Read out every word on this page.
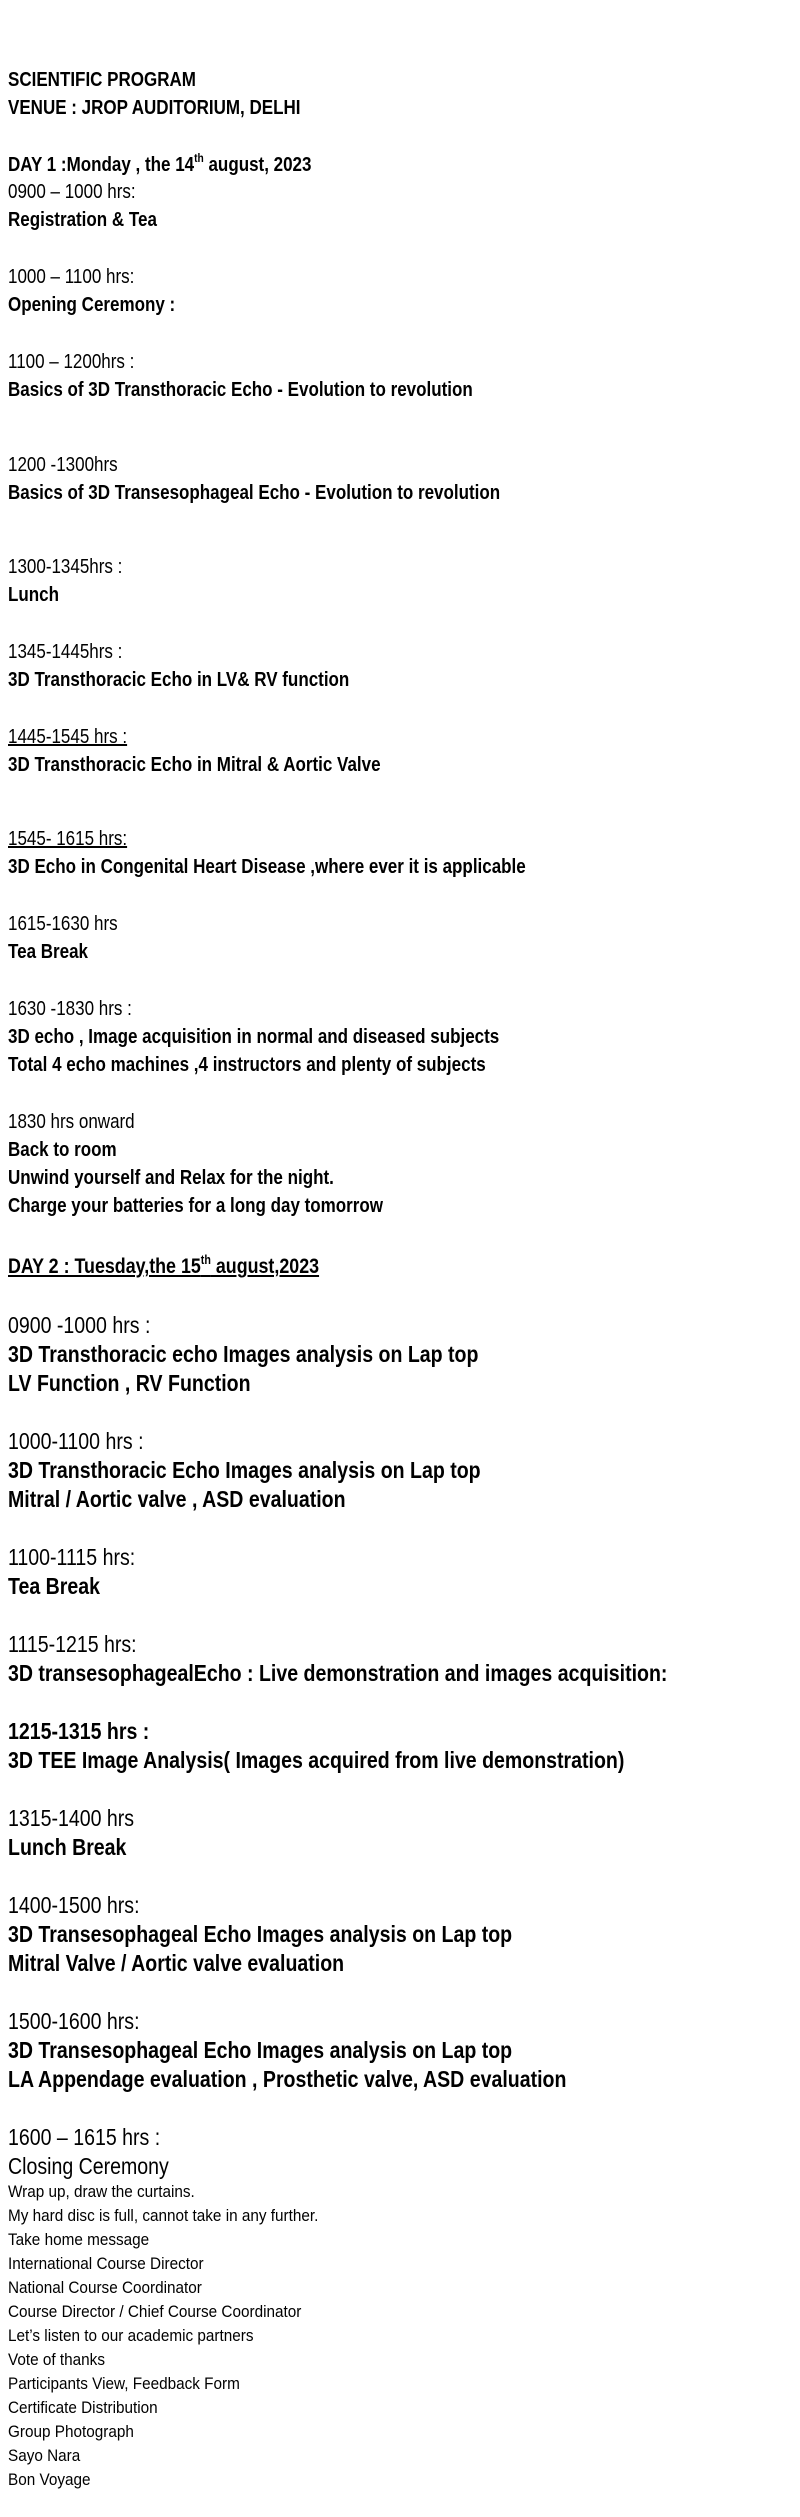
SCIENTIFIC PROGRAM
VENUE : JROP AUDITORIUM, DELHI
DAY 1 :Monday , the 14th august, 2023
0900 – 1000 hrs:
Registration & Tea
1000 – 1100 hrs:
Opening Ceremony :
1100 – 1200hrs :
Basics of 3D Transthoracic Echo - Evolution to revolution
1200 -1300hrs
Basics of 3D Transesophageal Echo - Evolution to revolution
1300-1345hrs :
Lunch
1345-1445hrs :
3D Transthoracic Echo in LV& RV function
1445-1545 hrs :
3D Transthoracic Echo in Mitral & Aortic Valve
1545- 1615 hrs:
3D Echo in Congenital Heart Disease ,where ever it is applicable
1615-1630 hrs
Tea Break
1630 -1830 hrs :
3D echo , Image acquisition in normal and diseased subjects
Total 4 echo machines ,4 instructors and plenty of subjects
1830 hrs onward
Back to room
Unwind yourself and Relax for the night.
Charge your batteries for a long day tomorrow
DAY 2 : Tuesday,the 15th august,2023
0900 -1000 hrs :
3D Transthoracic echo Images analysis on Lap top
LV Function , RV Function
1000-1100 hrs :
3D Transthoracic Echo Images analysis on Lap top
Mitral / Aortic valve , ASD evaluation
1100-1115 hrs:
Tea Break
1115-1215 hrs:
3D transesophagealEcho : Live demonstration and images acquisition:
1215-1315 hrs :
3D TEE Image Analysis( Images acquired from live demonstration)
1315-1400 hrs
Lunch Break
1400-1500 hrs:
3D Transesophageal Echo Images analysis on Lap top
Mitral Valve / Aortic valve evaluation
1500-1600 hrs:
3D Transesophageal Echo Images analysis on Lap top
LA Appendage evaluation , Prosthetic valve, ASD evaluation
1600 – 1615 hrs :
Closing Ceremony
Wrap up, draw the curtains.
My hard disc is full, cannot take in any further.
Take home message
International Course Director
National Course Coordinator
Course Director / Chief Course Coordinator
Let’s listen to our academic partners
Vote of thanks
Participants View, Feedback Form
Certificate Distribution
Group Photograph
Sayo Nara
Bon Voyage
